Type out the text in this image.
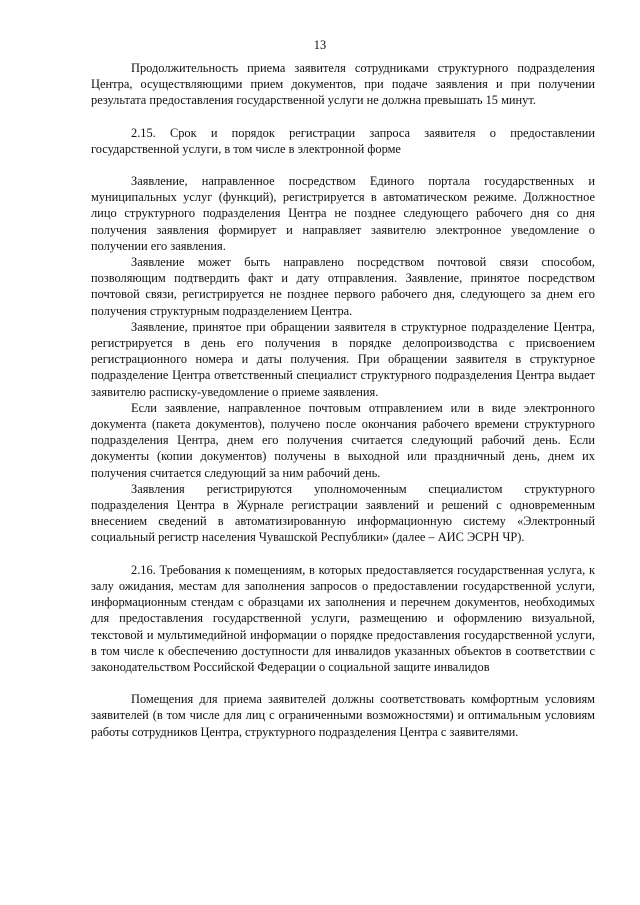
13

Продолжительность приема заявителя сотрудниками структурного подразделения Центра, осуществляющими прием документов, при подаче заявления и при получении результата предоставления государственной услуги не должна превышать 15 минут.

2.15. Срок и порядок регистрации запроса заявителя о предоставлении государственной услуги, в том числе в электронной форме

Заявление, направленное посредством Единого портала государственных и муниципальных услуг (функций), регистрируется в автоматическом режиме. Должностное лицо структурного подразделения Центра не позднее следующего рабочего дня со дня получения заявления формирует и направляет заявителю электронное уведомление о получении его заявления.

Заявление может быть направлено посредством почтовой связи способом, позволяющим подтвердить факт и дату отправления. Заявление, принятое посредством почтовой связи, регистрируется не позднее первого рабочего дня, следующего за днем его получения структурным подразделением Центра.

Заявление, принятое при обращении заявителя в структурное подразделение Центра, регистрируется в день его получения в порядке делопроизводства с присвоением регистрационного номера и даты получения. При обращении заявителя в структурное подразделение Центра ответственный специалист структурного подразделения Центра выдает заявителю расписку-уведомление о приеме заявления.

Если заявление, направленное почтовым отправлением или в виде электронного документа (пакета документов), получено после окончания рабочего времени структурного подразделения Центра, днем его получения считается следующий рабочий день. Если документы (копии документов) получены в выходной или праздничный день, днем их получения считается следующий за ним рабочий день.

Заявления регистрируются уполномоченным специалистом структурного подразделения Центра в Журнале регистрации заявлений и решений с одновременным внесением сведений в автоматизированную информационную систему «Электронный социальный регистр населения Чувашской Республики» (далее – АИС ЭСРН ЧР).

2.16. Требования к помещениям, в которых предоставляется государственная услуга, к залу ожидания, местам для заполнения запросов о предоставлении государственной услуги, информационным стендам с образцами их заполнения и перечнем документов, необходимых для предоставления государственной услуги, размещению и оформлению визуальной, текстовой и мультимедийной информации о порядке предоставления государственной услуги, в том числе к обеспечению доступности для инвалидов указанных объектов в соответствии с законодательством Российской Федерации о социальной защите инвалидов

Помещения для приема заявителей должны соответствовать комфортным условиям заявителей (в том числе для лиц с ограниченными возможностями) и оптимальным условиям работы сотрудников Центра, структурного подразделения Центра с заявителями.
